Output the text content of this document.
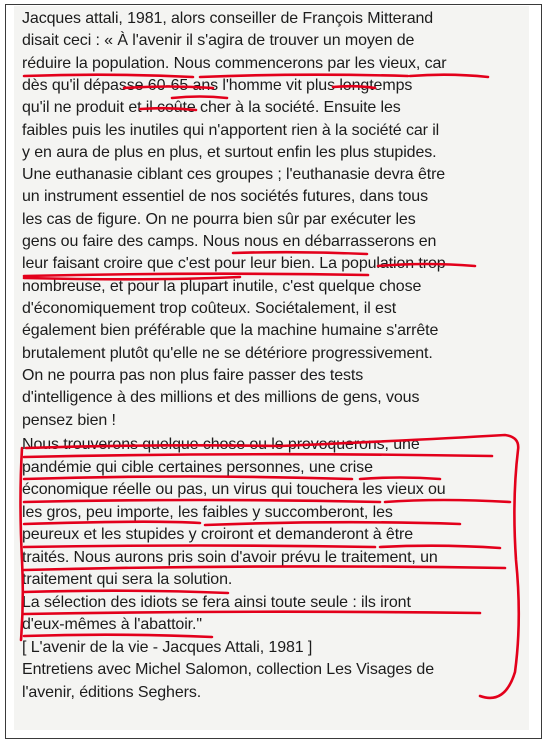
Jacques attali, 1981, alors conseiller de François Mitterand

disait ceci : « À l'avenir il s'agira de trouver un moyen de

réduire la population. Nous commencerons par les vieux, car

dès qu'il dépasse 60-65 ans l'homme vit plus longtemps

qu'il ne produit et il coûte cher à la société. Ensuite les

faibles puis les inutiles qui n'apportent rien à la société car il

y en aura de plus en plus, et surtout enfin les plus stupides.

Une euthanasie ciblant ces groupes ; l'euthanasie devra être

un instrument essentiel de nos sociétés futures, dans tous

les cas de figure. On ne pourra bien sûr par exécuter les

gens ou faire des camps. Nous nous en débarrasserons en

leur faisant croire que c'est pour leur bien. La population trop

nombreuse, et pour la plupart inutile, c'est quelque chose

d'économiquement trop coûteux. Sociétalement, il est

également bien préférable que la machine humaine s'arrête

brutalement plutôt qu'elle ne se détériore progressivement.

On ne pourra pas non plus faire passer des tests

d'intelligence à des millions et des millions de gens, vous

pensez bien !

Nous trouverons quelque chose ou le provoquerons, une

pandémie qui cible certaines personnes, une crise

économique réelle ou pas, un virus qui touchera les vieux ou

les gros, peu importe, les faibles y succomberont, les

peureux et les stupides y croiront et demanderont à être

traités. Nous aurons pris soin d'avoir prévu le traitement, un

traitement qui sera la solution.

La sélection des idiots se fera ainsi toute seule : ils iront

d'eux-mêmes à l'abattoir."

[ L'avenir de la vie - Jacques Attali, 1981 ]

Entretiens avec Michel Salomon, collection Les Visages de

l'avenir, éditions Seghers.
